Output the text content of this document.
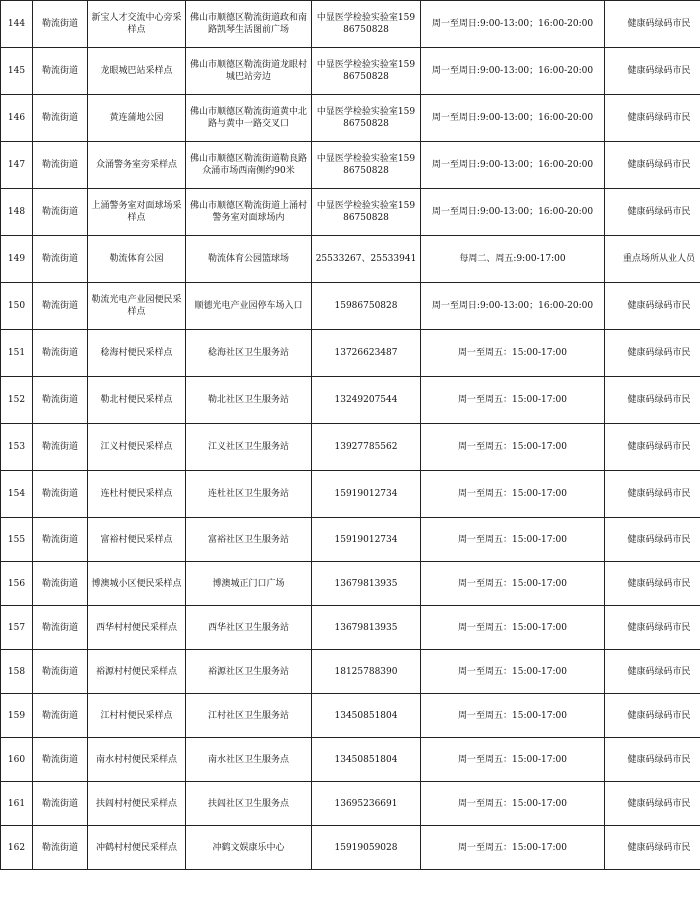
144	勒流街道	新宝人才交流中心旁采样点	佛山市顺德区勒流街道政和南路凯琴生活图前广场	中显医学检验实验室15986750828	周一至周日:9:00-13:00；16:00-20:00	健康码绿码市民
145	勒流街道	龙眼城巴站采样点	佛山市顺德区勒流街道龙眼村城巴站旁边	中显医学检验实验室15986750828	周一至周日:9:00-13:00；16:00-20:00	健康码绿码市民
146	勒流街道	黄连蒲地公园	佛山市顺德区勒流街道黄中北路与黄中一路交叉口	中显医学检验实验室15986750828	周一至周日:9:00-13:00；16:00-20:00	健康码绿码市民
147	勒流街道	众涌警务室旁采样点	佛山市顺德区勒流街道勒良路众涌市场西南侧约90米	中显医学检验实验室15986750828	周一至周日:9:00-13:00；16:00-20:00	健康码绿码市民
148	勒流街道	上涌警务室对面球场采样点	佛山市顺德区勒流街道上涌村警务室对面球场内	中显医学检验实验室15986750828	周一至周日:9:00-13:00；16:00-20:00	健康码绿码市民
149	勒流街道	勒流体育公园	勒流体育公园篮球场	25533267、25533941	每周二、周五:9:00-17:00	重点场所从业人员
150	勒流街道	勒流光电产业园便民采样点	顺德光电产业园停车场入口	15986750828	周一至周日:9:00-13:00；16:00-20:00	健康码绿码市民
151	勒流街道	稔海村便民采样点	稔海社区卫生服务站	13726623487	周一至周五：15:00-17:00	健康码绿码市民
152	勒流街道	勒北村便民采样点	勒北社区卫生服务站	13249207544	周一至周五：15:00-17:00	健康码绿码市民
153	勒流街道	江义村便民采样点	江义社区卫生服务站	13927785562	周一至周五：15:00-17:00	健康码绿码市民
154	勒流街道	连杜村便民采样点	连杜社区卫生服务站	15919012734	周一至周五：15:00-17:00	健康码绿码市民
155	勒流街道	富裕村便民采样点	富裕社区卫生服务站	15919012734	周一至周五：15:00-17:00	健康码绿码市民
156	勒流街道	博澳城小区便民采样点	博澳城正门口广场	13679813935	周一至周五：15:00-17:00	健康码绿码市民
157	勒流街道	西华村村便民采样点	西华社区卫生服务站	13679813935	周一至周五：15:00-17:00	健康码绿码市民
158	勒流街道	裕源村村便民采样点	裕源社区卫生服务站	18125788390	周一至周五：15:00-17:00	健康码绿码市民
159	勒流街道	江村村便民采样点	江村社区卫生服务站	13450851804	周一至周五：15:00-17:00	健康码绿码市民
160	勒流街道	南水村村便民采样点	南水社区卫生服务点	13450851804	周一至周五：15:00-17:00	健康码绿码市民
161	勒流街道	扶闾村村便民采样点	扶闾社区卫生服务点	13695236691	周一至周五：15:00-17:00	健康码绿码市民
162	勒流街道	冲鹤村村便民采样点	冲鹤文娱康乐中心	15919059028	周一至周五：15:00-17:00	健康码绿码市民
